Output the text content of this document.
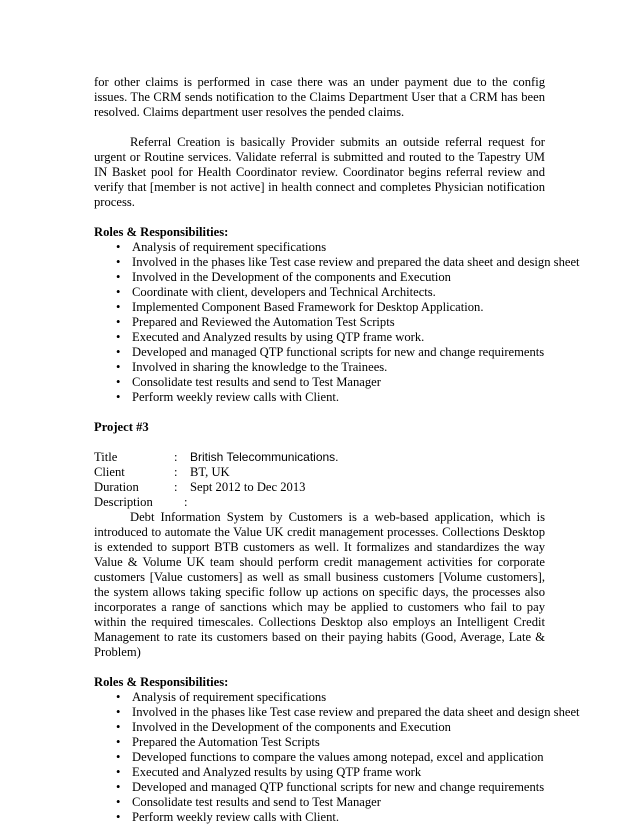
for other claims is performed in case there was an under payment due to the config issues. The CRM sends notification to the Claims Department User that a CRM has been resolved. Claims department user resolves the pended claims.

Referral Creation is basically Provider submits an outside referral request for urgent or Routine services. Validate referral is submitted and routed to the Tapestry UM IN Basket pool for Health Coordinator review. Coordinator begins referral review and verify that [member is not active] in health connect and completes Physician notification process.

Roles & Responsibilities:
• Analysis of requirement specifications
• Involved in the phases like Test case review and prepared the data sheet and design sheet
• Involved in the Development of the components and Execution
• Coordinate with client, developers and Technical Architects.
• Implemented Component Based Framework for Desktop Application.
• Prepared and Reviewed the Automation Test Scripts
• Executed and Analyzed results by using QTP frame work.
• Developed and managed QTP functional scripts for new and change requirements
• Involved in sharing the knowledge to the Trainees.
• Consolidate test results and send to Test Manager
• Perform weekly review calls with Client.
Project #3
Title	:	British Telecommunications.
Client	: BT, UK
Duration	: Sept 2012 to Dec 2013
Description	:

Debt Information System by Customers is a web-based application, which is introduced to automate the Value UK credit management processes. Collections Desktop is extended to support BTB customers as well. It formalizes and standardizes the way Value & Volume UK team should perform credit management activities for corporate customers [Value customers] as well as small business customers [Volume customers], the system allows taking specific follow up actions on specific days, the processes also incorporates a range of sanctions which may be applied to customers who fail to pay within the required timescales. Collections Desktop also employs an Intelligent Credit Management to rate its customers based on their paying habits (Good, Average, Late & Problem)

Roles & Responsibilities:
• Analysis of requirement specifications
• Involved in the phases like Test case review and prepared the data sheet and design sheet
• Involved in the Development of the components and Execution
• Prepared the Automation Test Scripts
• Developed functions to compare the values among notepad, excel and application
• Executed and Analyzed results by using QTP frame work
• Developed and managed QTP functional scripts for new and change requirements
• Consolidate test results and send to Test Manager
• Perform weekly review calls with Client.
